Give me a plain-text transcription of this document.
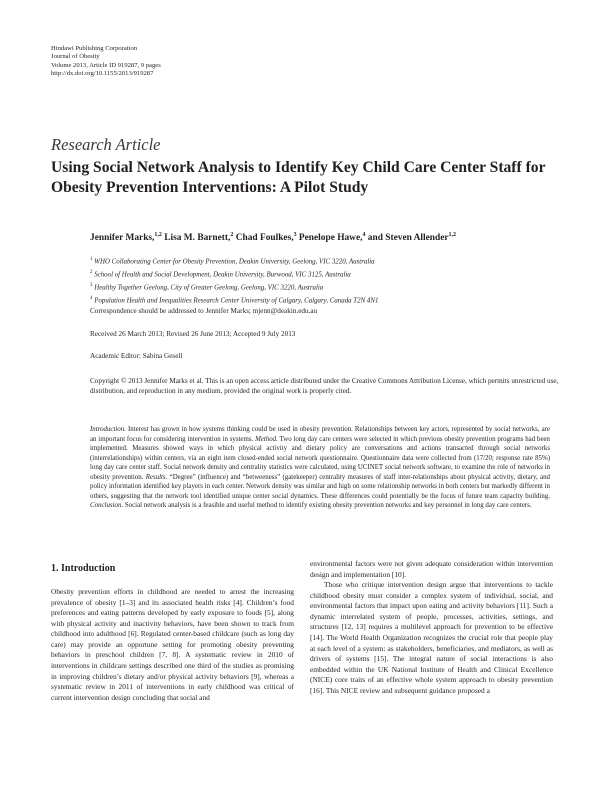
Hindawi Publishing Corporation
Journal of Obesity
Volume 2013, Article ID 919287, 9 pages
http://dx.doi.org/10.1155/2013/919287
Research Article
Using Social Network Analysis to Identify Key Child Care Center Staff for Obesity Prevention Interventions: A Pilot Study
Jennifer Marks,$^{1,2}$ Lisa M. Barnett,$^2$ Chad Foulkes,$^3$ Penelope Hawe,$^4$ and Steven Allender$^{1,2}$
$^1$ WHO Collaborating Center for Obesity Prevention, Deakin University, Geelong, VIC 3220, Australia
$^2$ School of Health and Social Development, Deakin University, Burwood, VIC 3125, Australia
$^3$ Healthy Together Geelong, City of Greater Geelong, Geelong, VIC 3220, Australia
$^4$ Population Health and Inequalities Research Center University of Calgary, Calgary, Canada T2N 4N1
Correspondence should be addressed to Jennifer Marks; mjenn@deakin.edu.au
Received 26 March 2013; Revised 26 June 2013; Accepted 9 July 2013
Academic Editor: Sabina Gesell
Copyright © 2013 Jennifer Marks et al. This is an open access article distributed under the Creative Commons Attribution License, which permits unrestricted use, distribution, and reproduction in any medium, provided the original work is properly cited.
Introduction. Interest has grown in how systems thinking could be used in obesity prevention. Relationships between key actors, represented by social networks, are an important focus for considering intervention in systems. Method. Two long day care centers were selected in which previous obesity prevention programs had been implemented. Measures showed ways in which physical activity and dietary policy are conversations and actions transacted through social networks (interrelationships) within centers, via an eight item closed-ended social network questionnaire. Questionnaire data were collected from (17/20; response rate 85%) long day care center staff. Social network density and centrality statistics were calculated, using UCINET social network software, to examine the role of networks in obesity prevention. Results. “Degree” (influence) and “betweeness” (gatekeeper) centrality measures of staff inter-relationships about physical activity, dietary, and policy information identified key players in each center. Network density was similar and high on some relationship networks in both centers but markedly different in others, suggesting that the network tool identified unique center social dynamics. These differences could potentially be the focus of future team capacity building. Conclusion. Social network analysis is a feasible and useful method to identify existing obesity prevention networks and key personnel in long day care centers.
1. Introduction

Obesity prevention efforts in childhood are needed to arrest the increasing prevalence of obesity [1–3] and its associated health risks [4]. Children’s food preferences and eating patterns developed by early exposure to foods [5], along with physical activity and inactivity behaviors, have been shown to track from childhood into adulthood [6]. Regulated center-based childcare (such as long day care) may provide an opportune setting for promoting obesity preventing behaviors in preschool children [7, 8]. A systematic review in 2010 of interventions in childcare settings described one third of the studies as promising in improving children’s dietary and/or physical activity behaviors [9], whereas a systematic review in 2011 of interventions in early childhood was critical of current intervention design concluding that social and

environmental factors were not given adequate consideration within intervention design and implementation [10].

Those who critique intervention design argue that interventions to tackle childhood obesity must consider a complex system of individual, social, and environmental factors that impact upon eating and activity behaviors [11]. Such a dynamic interrelated system of people, processes, activities, settings, and structures [12, 13] requires a multilevel approach for prevention to be effective [14]. The World Health Organization recognizes the crucial role that people play at each level of a system: as stakeholders, beneficiaries, and mediators, as well as drivers of systems [15]. The integral nature of social interactions is also embedded within the UK National Institute of Health and Clinical Excellence (NICE) core traits of an effective whole system approach to obesity prevention [16]. This NICE review and subsequent guidance proposed a
